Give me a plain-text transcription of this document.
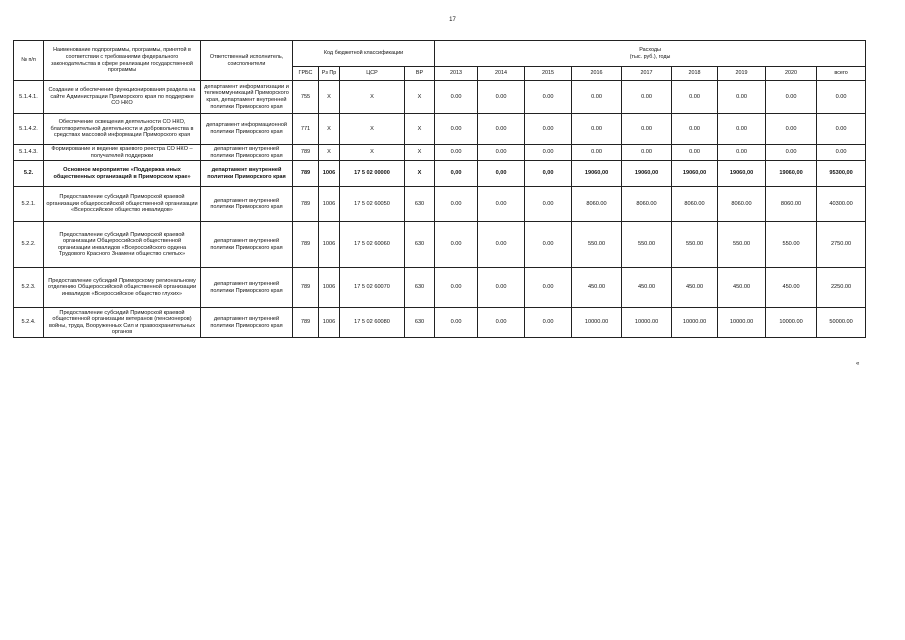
17
№ п/п	Наименование подпрограммы, программы, принятой в соответствии с требованиями федерального законодательства в сфере реализации государственной программы	Ответственный исполнитель, соисполнители	Код бюджетной классификации				Расходы
(тыс. руб.), годы								

			ГРБС	Рз Пр	ЦСР	ВР	2013	2014	2015	2016	2017	2018	2019	2020	всего
5.1.4.1.	Создание и обеспечение функционирования раздела на сайте Администрации Приморского края по поддержке СО НКО	департамент информатизации и телекоммуникаций Приморского края, департамент внутренней политики Приморского края	755	X	X	X	0.00	0.00	0.00	0.00	0.00	0.00	0.00	0.00	0.00
5.1.4.2.	Обеспечение освещения деятельности СО НКО, благотворительной деятельности и добровольчества в средствах массовой информации Приморского края	департамент информационной политики Приморского края	771	X	X	X	0.00	0.00	0.00	0.00	0.00	0.00	0.00	0.00	0.00
5.1.4.3.	Формирование и ведение краевого реестра СО НКО – получателей поддержки	департамент внутренней политики Приморского края	789	X	X	X	0.00	0.00	0.00	0.00	0.00	0.00	0.00	0.00	0.00
5.2.	Основное мероприятие «Поддержка иных общественных организаций в Приморском крае»	департамент внутренней политики Приморского края	789	1006	17 5 02 00000	X	0,00	0,00	0,00	19060,00	19060,00	19060,00	19060,00	19060,00	95300,00
5.2.1.	Предоставление субсидий Приморской краевой организации общероссийской общественной организации «Всероссийское общество инвалидов»	департамент внутренней политики Приморского края	789	1006	17 5 02 60050	630	0.00	0.00	0.00	8060.00	8060.00	8060.00	8060.00	8060.00	40300.00
5.2.2.	Предоставление субсидий Приморской краевой организации Общероссийской общественной организации инвалидов «Всероссийского ордена Трудового Красного Знамени общество слепых»	департамент внутренней политики Приморского края	789	1006	17 5 02 60060	630	0.00	0.00	0.00	550.00	550.00	550.00	550.00	550.00	2750.00
5.2.3.	Предоставление субсидий Приморскому региональному отделению Общероссийской общественной организации инвалидов «Всероссийское общество глухих»	департамент внутренней политики Приморского края	789	1006	17 5 02 60070	630	0.00	0.00	0.00	450.00	450.00	450.00	450.00	450.00	2250.00
5.2.4.	Предоставление субсидий Приморской краевой общественной организации ветеранов (пенсионеров) войны, труда, Вооруженных Сил и правоохранительных органов	департамент внутренней политики Приморского края	789	1006	17 5 02 60080	630	0.00	0.00	0.00	10000.00	10000.00	10000.00	10000.00	10000.00	50000.00
«
